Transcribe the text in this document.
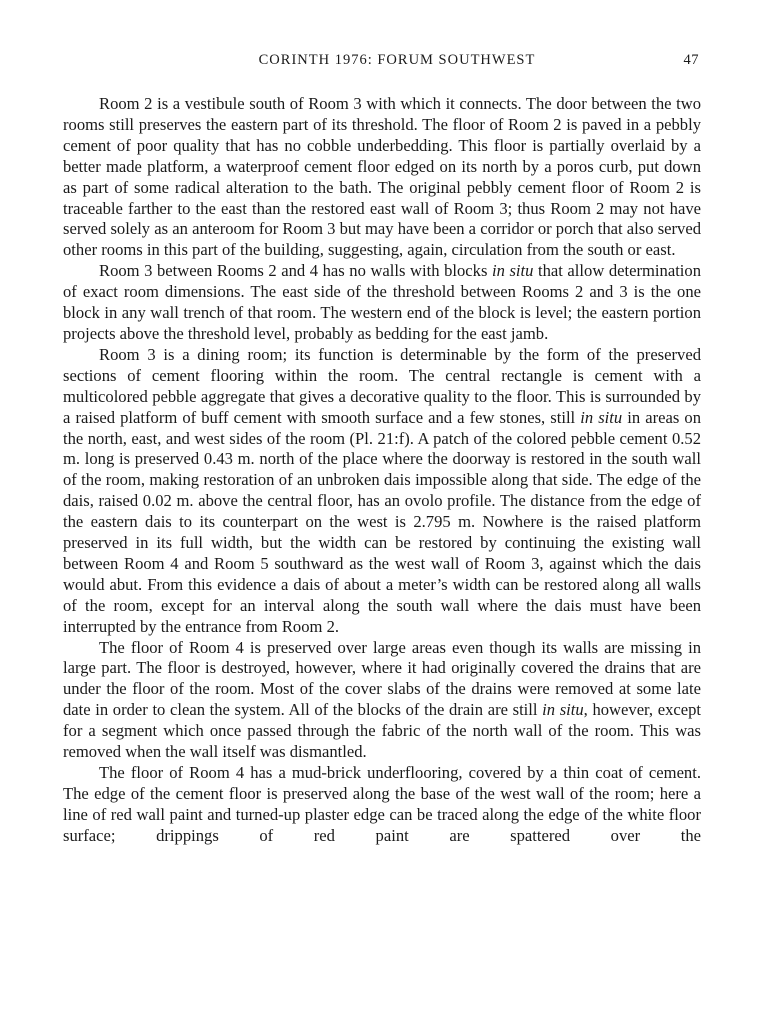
CORINTH 1976: FORUM SOUTHWEST	47

Room 2 is a vestibule south of Room 3 with which it connects. The door between the two rooms still preserves the eastern part of its threshold. The floor of Room 2 is paved in a pebbly cement of poor quality that has no cobble underbedding. This floor is partially overlaid by a better made platform, a waterproof cement floor edged on its north by a poros curb, put down as part of some radical alteration to the bath. The original pebbly cement floor of Room 2 is traceable farther to the east than the restored east wall of Room 3; thus Room 2 may not have served solely as an anteroom for Room 3 but may have been a corridor or porch that also served other rooms in this part of the building, suggesting, again, circulation from the south or east.

Room 3 between Rooms 2 and 4 has no walls with blocks in situ that allow determination of exact room dimensions. The east side of the threshold between Rooms 2 and 3 is the one block in any wall trench of that room. The western end of the block is level; the eastern portion projects above the threshold level, probably as bedding for the east jamb.

Room 3 is a dining room; its function is determinable by the form of the preserved sections of cement flooring within the room. The central rectangle is cement with a multicolored pebble aggregate that gives a decorative quality to the floor. This is surrounded by a raised platform of buff cement with smooth surface and a few stones, still in situ in areas on the north, east, and west sides of the room (Pl. 21:f). A patch of the colored pebble cement 0.52 m. long is preserved 0.43 m. north of the place where the doorway is restored in the south wall of the room, making restoration of an unbroken dais impossible along that side. The edge of the dais, raised 0.02 m. above the central floor, has an ovolo profile. The distance from the edge of the eastern dais to its counterpart on the west is 2.795 m. Nowhere is the raised platform preserved in its full width, but the width can be restored by continuing the existing wall between Room 4 and Room 5 southward as the west wall of Room 3, against which the dais would abut. From this evidence a dais of about a meter’s width can be restored along all walls of the room, except for an interval along the south wall where the dais must have been interrupted by the entrance from Room 2.

The floor of Room 4 is preserved over large areas even though its walls are missing in large part. The floor is destroyed, however, where it had originally covered the drains that are under the floor of the room. Most of the cover slabs of the drains were removed at some late date in order to clean the system. All of the blocks of the drain are still in situ, however, except for a segment which once passed through the fabric of the north wall of the room. This was removed when the wall itself was dismantled.

The floor of Room 4 has a mud-brick underflooring, covered by a thin coat of cement. The edge of the cement floor is preserved along the base of the west wall of the room; here a line of red wall paint and turned-up plaster edge can be traced along the edge of the white floor surface; drippings of red paint are spattered over the
